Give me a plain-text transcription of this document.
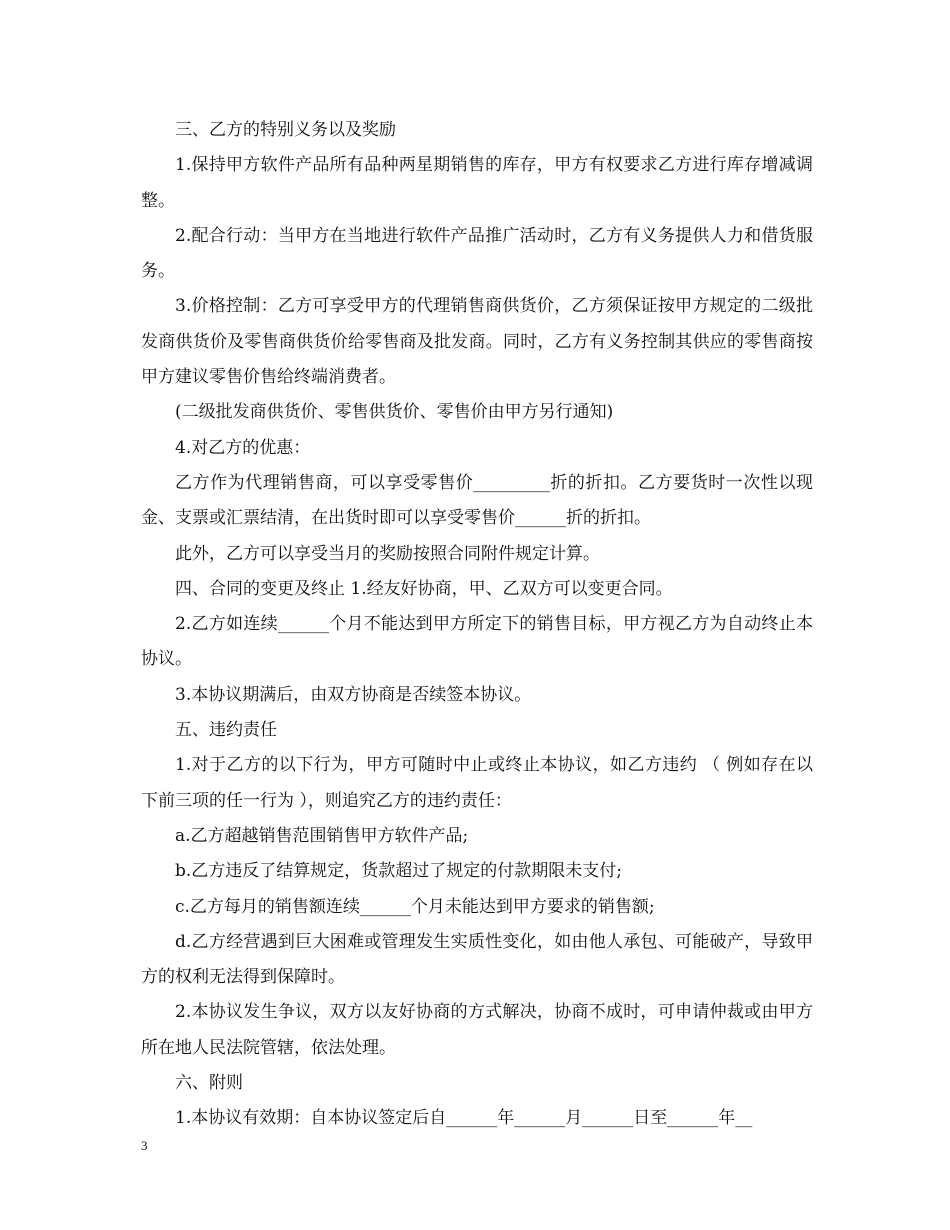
三、乙方的特别义务以及奖励

1.保持甲方软件产品所有品种两星期销售的库存，甲方有权要求乙方进行库存增减调整。

2.配合行动：当甲方在当地进行软件产品推广活动时，乙方有义务提供人力和借货服务。

3.价格控制：乙方可享受甲方的代理销售商供货价，乙方须保证按甲方规定的二级批发商供货价及零售商供货价给零售商及批发商。同时，乙方有义务控制其供应的零售商按甲方建议零售价售给终端消费者。

(二级批发商供货价、零售供货价、零售价由甲方另行通知)

4.对乙方的优惠：

乙方作为代理销售商，可以享受零售价_________折的折扣。乙方要货时一次性以现金、支票或汇票结清，在出货时即可以享受零售价______折的折扣。

此外，乙方可以享受当月的奖励按照合同附件规定计算。

四、合同的变更及终止 1.经友好协商，甲、乙双方可以变更合同。

2.乙方如连续______个月不能达到甲方所定下的销售目标，甲方视乙方为自动终止本协议。

3.本协议期满后，由双方协商是否续签本协议。

五、违约责任

1.对于乙方的以下行为，甲方可随时中止或终止本协议，如乙方违约 （ 例如存在以下前三项的任一行为 ），则追究乙方的违约责任：

a.乙方超越销售范围销售甲方软件产品;

b.乙方违反了结算规定，货款超过了规定的付款期限未支付;

c.乙方每月的销售额连续______个月未能达到甲方要求的销售额;

d.乙方经营遇到巨大困难或管理发生实质性变化，如由他人承包、可能破产，导致甲方的权利无法得到保障时。

2.本协议发生争议，双方以友好协商的方式解决，协商不成时，可申请仲裁或由甲方所在地人民法院管辖，依法处理。

六、附则

1.本协议有效期：自本协议签定后自______年______月______日至______年__

3
